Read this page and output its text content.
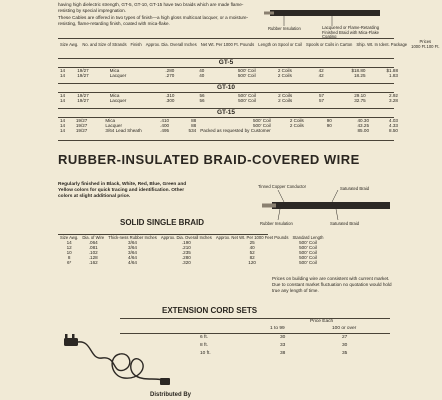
having high dielectric strength, GT-5, GT-10, GT-15 have two braids which are made flame-resisting by special impregnation.

These Cables are offered in two types of finish—a high gloss multicoat lacquer, or a moisture-resisting, flame-retarding finish, coated with mica-flake.

Rubber Insulation	Lacquered or Flame-Retarding Finished Braid with Mica-Flake Coating
Size Awg.	No. and Size of Strands	Finish	Approx. Dia. Overall Inches	Net Wt. Per 1000 Ft. Pounds	Length on Spool or Coil	Spools or Coils in Carton	Ship. Wt. In Ident. Package	Prices
1000 Ft. 100 Ft.
GT-5
14	19/27	Mica	.280	40	500' Coil	2 Coils	42	$18.80	$1.88
14	19/27	Lacquer	.270	40	500' Coil	2 Coils	42	18.25	1.83
GT-10
14	19/27	Mica	.310	56	500' Coil	2 Coils	57	29.10	2.92
14	19/27	Lacquer	.300	56	500' Coil	2 Coils	57	32.75	3.28
GT-15
14	19/27	Mica	.410	88	500' Coil	2 Coils	90	40.30	4.03
14	19/27	Lacquer	.400	88	500' Coil	2 Coils	90	43.25	4.33
14	19/27	3/64 Lead Sheath	.495	534	Packed as requested by Customer			85.00	8.50
RUBBER-INSULATED BRAID-COVERED WIRE
Regularly finished in Black, White, Red, Blue, Green and Yellow colors for quick tracing and identification. Other colors at slight additional price.
Tinned Copper Conductor	Saturated Braid
Rubber Insulation	Saturated Braid
SOLID SINGLE BRAID
Size Awg.	Dia. of Wire	Thick-ness Rubber Inches	Approx. Dia. Overall Inches	Approx. Net Wt. Per 1000 Feet Pounds	Standard Length
14	.064	3/64	.190	25	500' Coil
12	.081	3/64	.210	40	500' Coil
10	.102	3/64	.235	52	500' Coil
8	.128	4/64	.280	82	500' Coil
6*	.162	4/64	.320	120	500' Coil
Prices on building wire are consistent with current market. Due to constant market fluctuation no quotation would hold true any length of time.
EXTENSION CORD SETS
Price Each
1 to 99	100 or over
6 ft.	30	27
8 ft.	33	30
10 ft.	38	35
Distributed By
